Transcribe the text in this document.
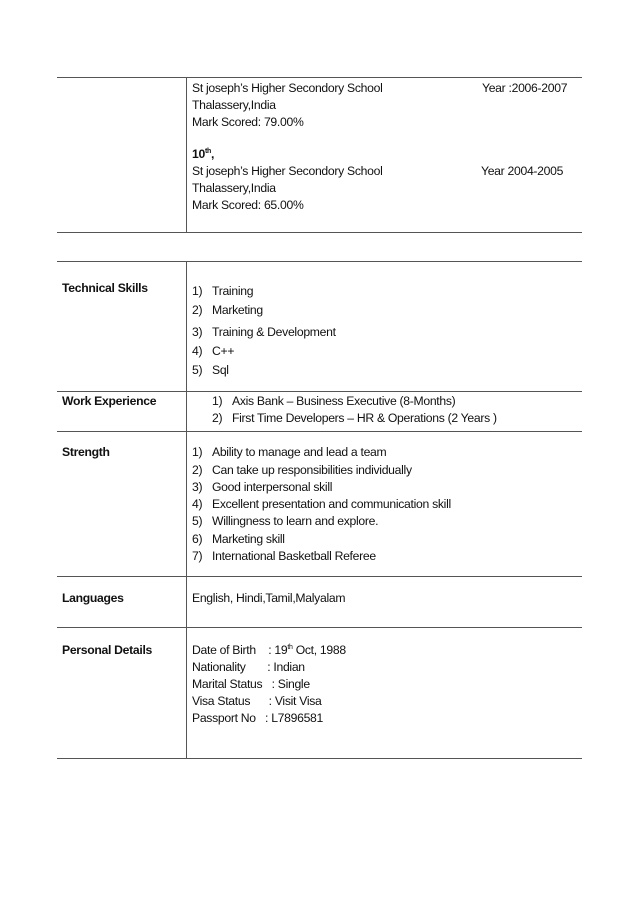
St joseph’s Higher Secondory School	Year :2006-2007
Thalassery,India
Mark Scored: 79.00%
10th,
St joseph’s Higher Secondory School	Year 2004-2005
Thalassery,India
Mark Scored: 65.00%
Technical Skills	1) Training
2) Marketing
3) Training & Development
4) C++
5) Sql
Work Experience	1) Axis Bank – Business Executive (8-Months)
2) First Time Developers – HR & Operations (2 Years )
Strength	1) Ability to manage and lead a team
2) Can take up responsibilities individually
3) Good interpersonal skill
4) Excellent presentation and communication skill
5) Willingness to learn and explore.
6) Marketing skill
7) International Basketball Referee
Languages	English, Hindi,Tamil,Malyalam
Personal Details	Date of Birth : 19th Oct, 1988
Nationality       : Indian
Marital Status   : Single
Visa Status      : Visit Visa
Passport No   : L7896581
